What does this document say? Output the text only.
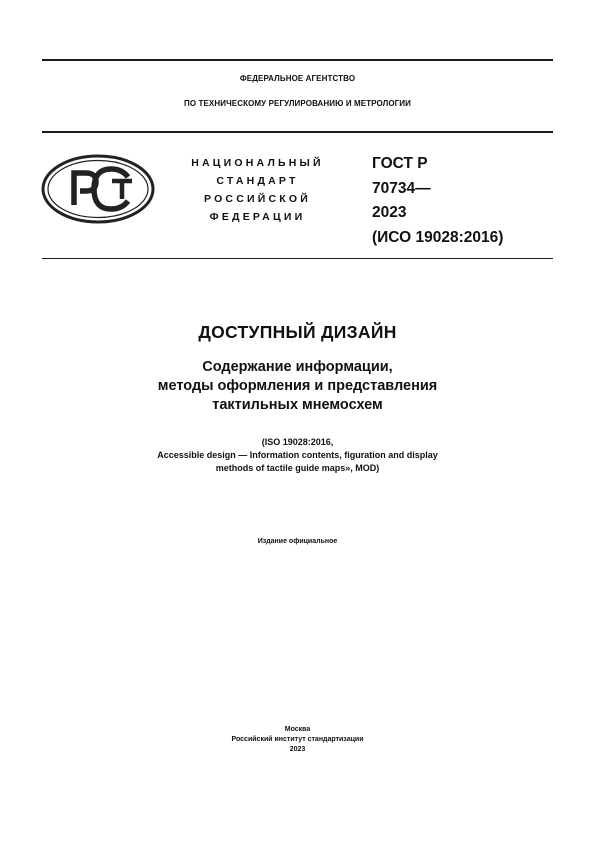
ФЕДЕРАЛЬНОЕ АГЕНТСТВО
ПО ТЕХНИЧЕСКОМУ РЕГУЛИРОВАНИЮ И МЕТРОЛОГИИ
НАЦИОНАЛЬНЫЙ
СТАНДАРТ
РОССИЙСКОЙ
ФЕДЕРАЦИИ
ГОСТ Р
70734—
2023
(ИСО 19028:2016)
ДОСТУПНЫЙ ДИЗАЙН
Содержание информации,
методы оформления и представления
тактильных мнемосхем
(ISO 19028:2016,
Accessible design — Information contents, figuration and display
methods of tactile guide maps», MOD)
Издание официальное
Москва
Российский институт стандартизации
2023
